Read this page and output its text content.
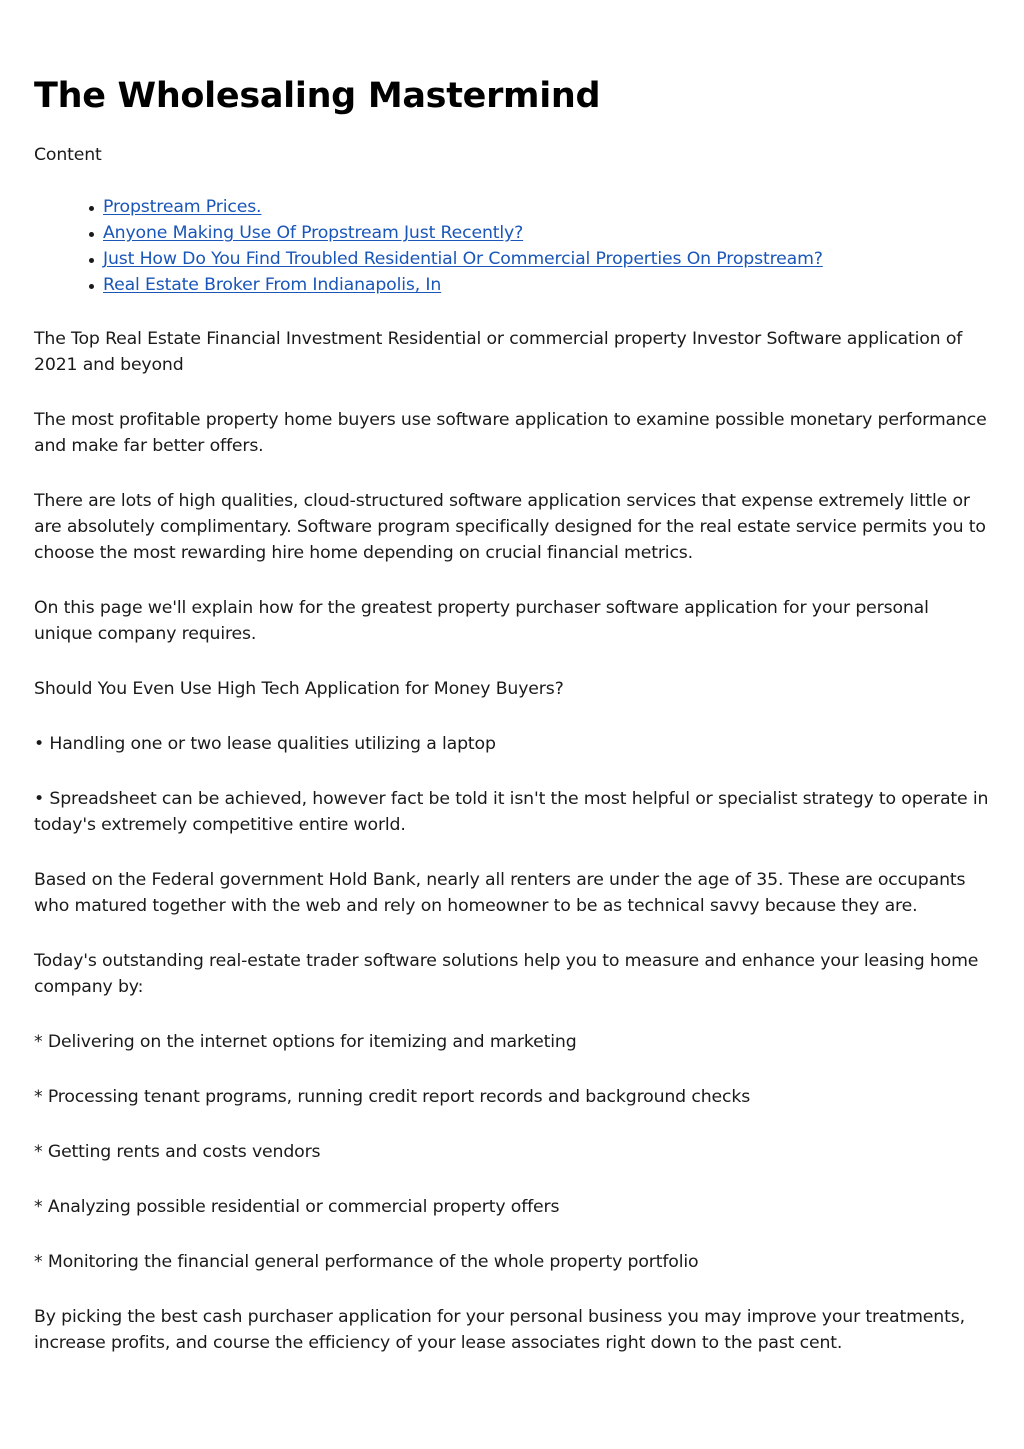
The Wholesaling Mastermind

Content

Propstream Prices.
Anyone Making Use Of Propstream Just Recently?
Just How Do You Find Troubled Residential Or Commercial Properties On Propstream?
Real Estate Broker From Indianapolis, In

The Top Real Estate Financial Investment Residential or commercial property Investor Software application of 2021 and beyond

The most profitable property home buyers use software application to examine possible monetary performance and make far better offers.

There are lots of high qualities, cloud-structured software application services that expense extremely little or are absolutely complimentary. Software program specifically designed for the real estate service permits you to choose the most rewarding hire home depending on crucial financial metrics.

On this page we'll explain how for the greatest property purchaser software application for your personal unique company requires.

Should You Even Use High Tech Application for Money Buyers?

• Handling one or two lease qualities utilizing a laptop

• Spreadsheet can be achieved, however fact be told it isn't the most helpful or specialist strategy to operate in today's extremely competitive entire world.

Based on the Federal government Hold Bank, nearly all renters are under the age of 35. These are occupants who matured together with the web and rely on homeowner to be as technical savvy because they are.

Today's outstanding real-estate trader software solutions help you to measure and enhance your leasing home company by:

* Delivering on the internet options for itemizing and marketing

* Processing tenant programs, running credit report records and background checks

* Getting rents and costs vendors

* Analyzing possible residential or commercial property offers

* Monitoring the financial general performance of the whole property portfolio

By picking the best cash purchaser application for your personal business you may improve your treatments, increase profits, and course the efficiency of your lease associates right down to the past cent.
